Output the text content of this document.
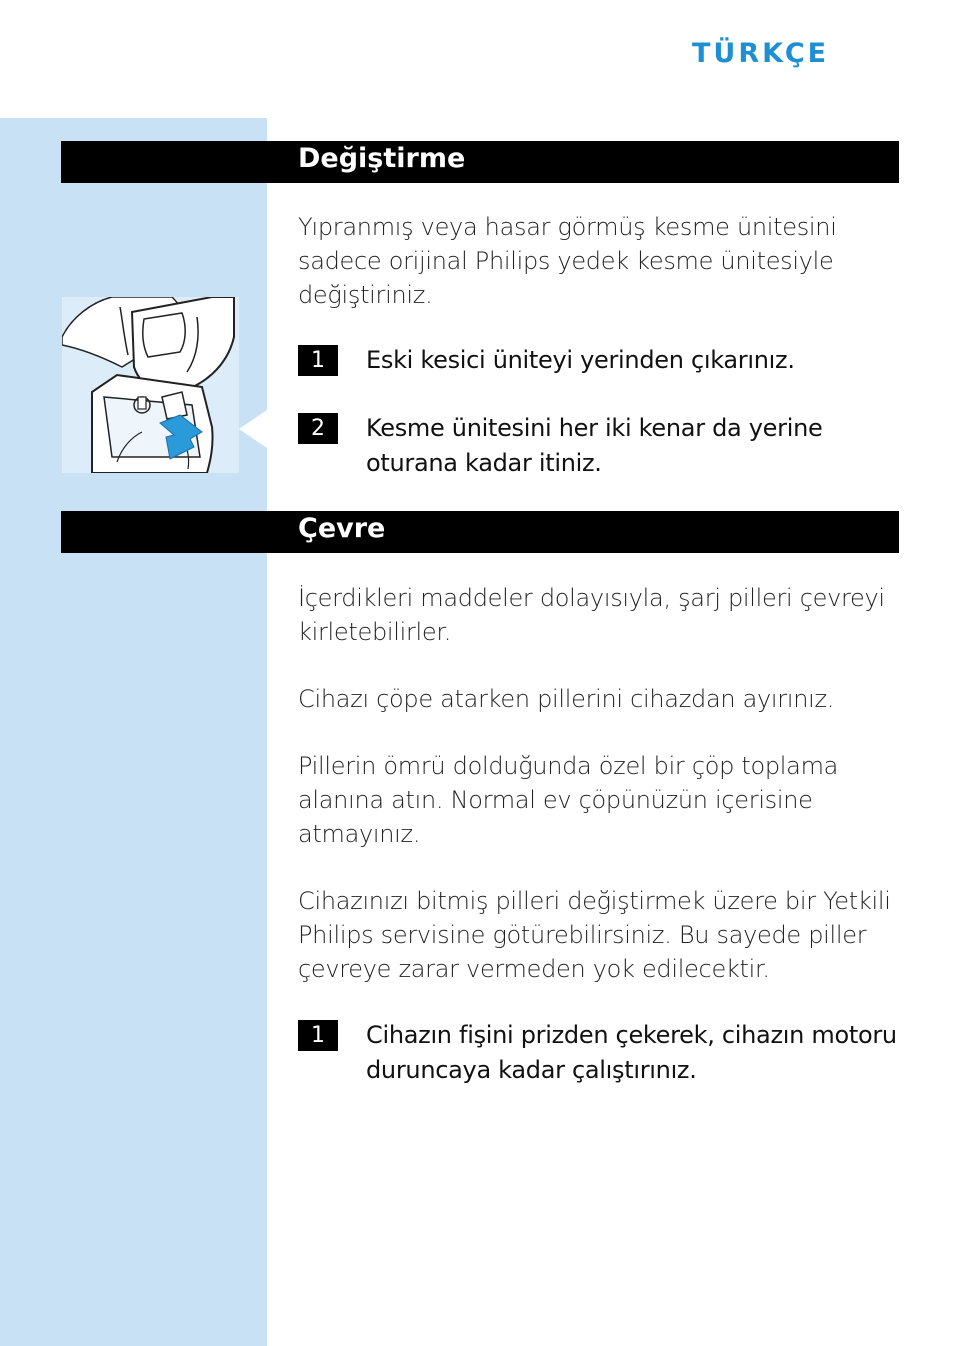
TÜRKÇE
Değiştirme
Yıpranmış veya hasar görmüş kesme ünitesini sadece orijinal Philips yedek kesme ünitesiyle değiştiriniz.
1	Eski kesici üniteyi yerinden çıkarınız.
2	Kesme ünitesini her iki kenar da yerine oturana kadar itiniz.
Çevre
İçerdikleri maddeler dolayısıyla, şarj pilleri çevreyi kirletebilirler.
Cihazı çöpe atarken pillerini cihazdan ayırınız.
Pillerin ömrü dolduğunda özel bir çöp toplama alanına atın. Normal ev çöpünüzün içerisine atmayınız.
Cihazınızı bitmiş pilleri değiştirmek üzere bir Yetkili Philips servisine götürebilirsiniz. Bu sayede piller çevreye zarar vermeden yok edilecektir.
1	Cihazın fişini prizden çekerek, cihazın motoru duruncaya kadar çalıştırınız.
